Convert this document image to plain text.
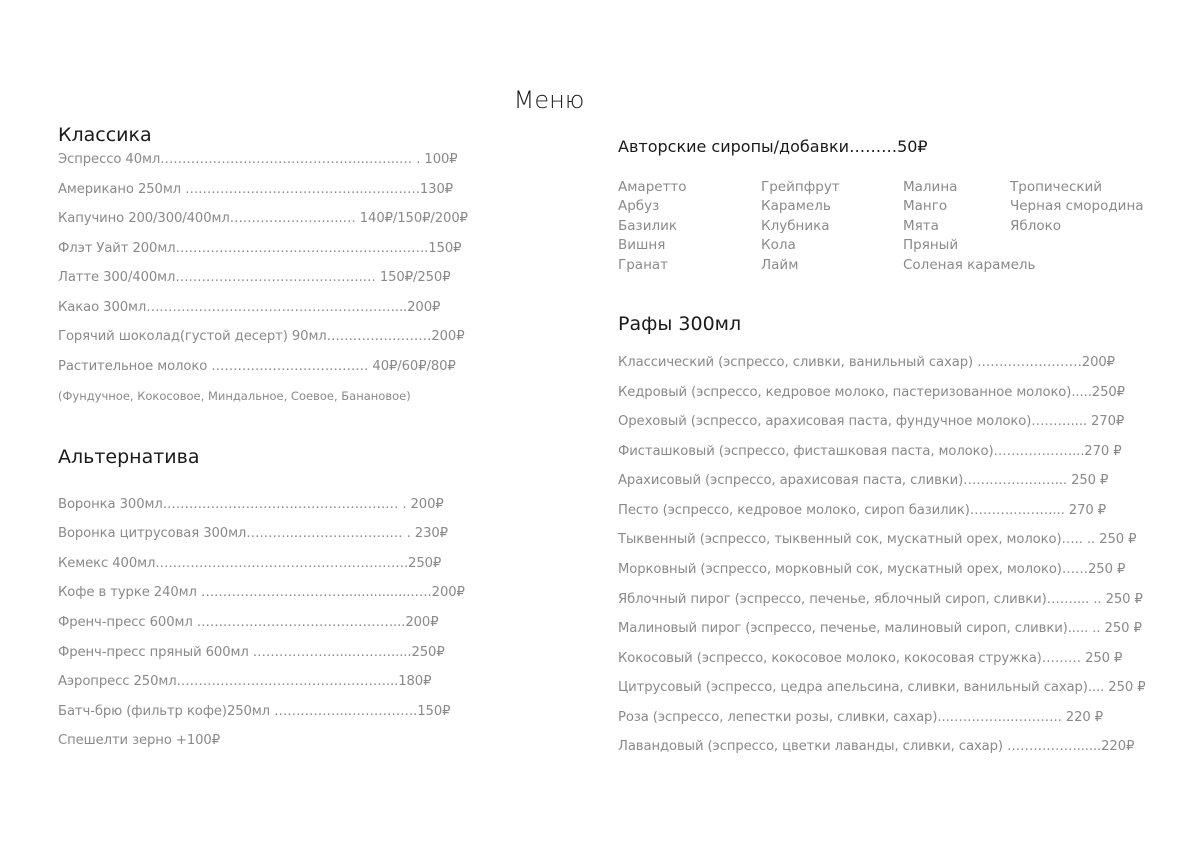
Меню
Классика
Эспрессо 40мл………………………………………..……..… . 100₽
Американо 250мл …………………………………..………….130₽
Капучино 200/300/400мл……………………..… 140₽/150₽/200₽
Флэт Уайт 200мл………………………………………………….150₽
Латте 300/400мл…………………………………….… 150₽/250₽
Какао 300мл…………………………………………………...200₽
Горячий шоколад(густой десерт) 90мл……………………200₽
Растительное молоко ……………………………… 40₽/60₽/80₽
(Фундучное, Кокосовое, Миндальное, Соевое, Банановое)
Альтернатива
Воронка 300мл……………………………………………… . 200₽
Воронка цитрусовая 300мл………..………………….… . 230₽
Кемекс 400мл………………………………………………….250₽
Кофе в турке 240мл …………………………….................….200₽
Френч-пресс 600мл ………………………………………...200₽
Френч-пресс пряный 600мл ……………….....……….....250₽
Аэропресс 250мл…………………………………………...180₽
Батч-брю (фильтр кофе)250мл ……………..…………….150₽
Спешелти зерно +100₽
Авторские сиропы/добавки………50₽
Амаретто
Арбуз
Базилик
Вишня
Гранат
Грейпфрут
Карамель
Клубника
Кола
Лайм
Малина
Манго
Мята
Пряный
Соленая карамель
Тропический
Черная смородина
Яблоко
Рафы 300мл
Классический (эспрессо, сливки, ванильный сахар) ……………………200₽
Кедровый (эспрессо, кедровое молоко, пастеризованное молоко).....250₽
Ореховый (эспрессо, арахисовая паста, фундучное молоко)……….... 270₽
Фисташковый (эспрессо, фисташковая паста, молоко)………………...270 ₽
Арахисовый (эспрессо, арахисовая паста, сливки)…………………... 250 ₽
Песто (эспрессо, кедровое молоко, сироп базилик)……….………... 270 ₽
Тыквенный (эспрессо, тыквенный сок, мускатный орех, молоко)….. .. 250 ₽
Морковный (эспрессо, морковный сок, мускатный орех, молоко)……250 ₽
Яблочный пирог (эспрессо, печенье, яблочный сироп, сливки)…….... .. 250 ₽
Малиновый пирог (эспрессо, печенье, малиновый сироп, сливки)..... .. 250 ₽
Кокосовый (эспрессо, кокосовое молоко, кокосовая стружка)……… 250 ₽
Цитрусовый (эспрессо, цедра апельсина, сливки, ванильный сахар).... 250 ₽
Роза (эспрессо, лепестки розы, сливки, сахар)...…………...……….. 220 ₽
Лавандовый (эспрессо, цветки лаванды, сливки, сахар) …………….......220₽
